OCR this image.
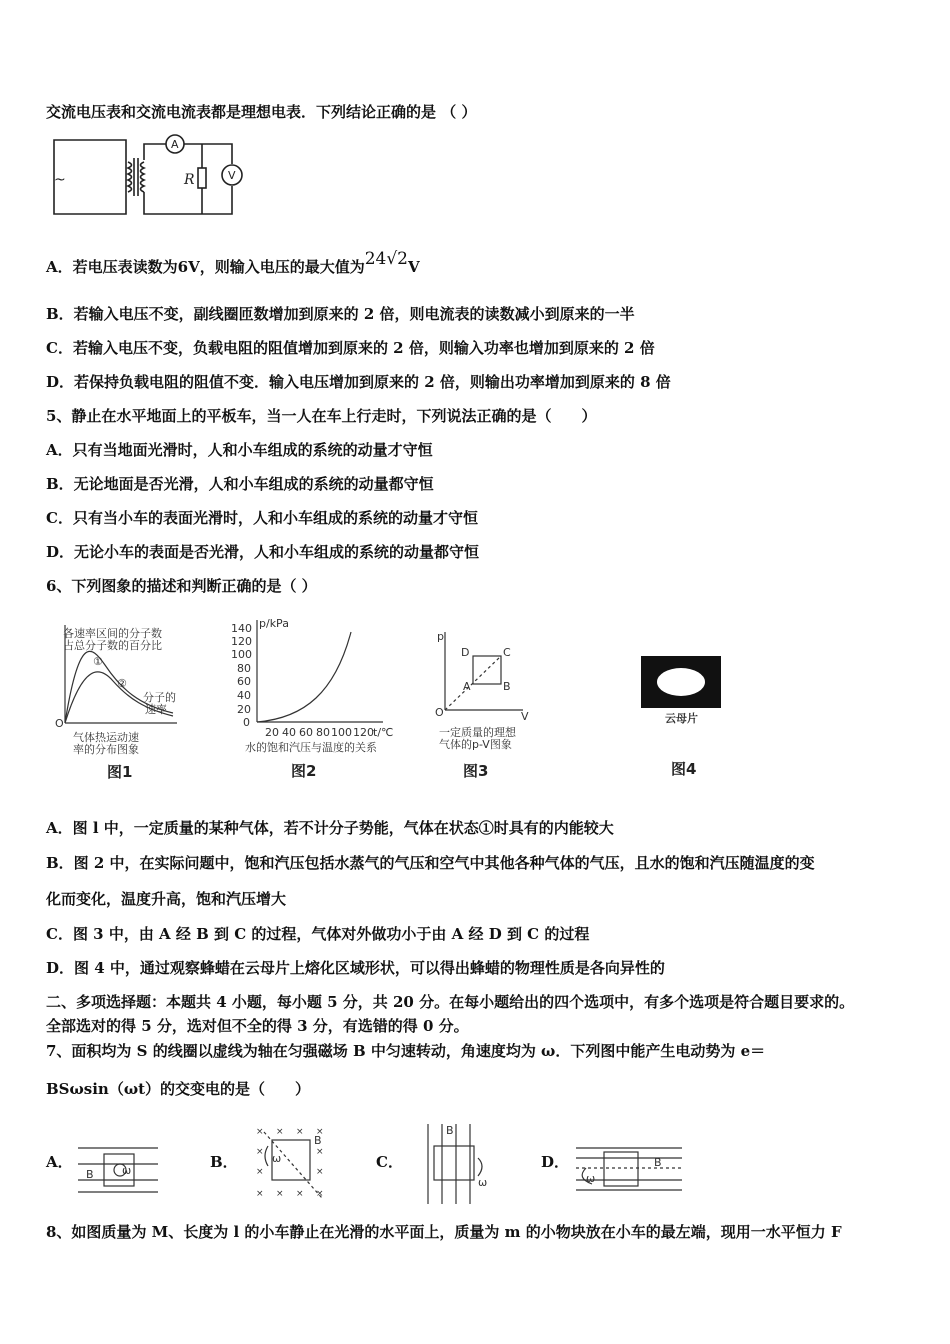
交流电压表和交流电流表都是理想电表．下列结论正确的是 （ ）
~
A
R	V
A．若电压表读数为6V，则输入电压的最大值为24√2V
B．若输入电压不变，副线圈匝数增加到原来的 2 倍，则电流表的读数减小到原来的一半
C．若输入电压不变，负载电阻的阻值增加到原来的 2 倍，则输入功率也增加到原来的 2 倍
D．若保持负载电阻的阻值不变．输入电压增加到原来的 2 倍，则输出功率增加到原来的 8 倍
5、静止在水平地面上的平板车，当一人在车上行走时，下列说法正确的是（　　）
A．只有当地面光滑时，人和小车组成的系统的动量才守恒
B．无论地面是否光滑，人和小车组成的系统的动量都守恒
C．只有当小车的表面光滑时，人和小车组成的系统的动量才守恒
D．无论小车的表面是否光滑，人和小车组成的系统的动量都守恒
6、下列图象的描述和判断正确的是（ ）
各速率区间的分子数
占总分子数的百分比
①
②
分子的
速率
O
气体热运动速
率的分布图象
图1
p/kPa
140
120
100
80
60
40
20
0
20 40 60 80 100 120 t/℃
水的饱和汽压与温度的关系
图2
p
V
O
A	B
C
D
一定质量的理想
气体的p-V图象
图3
云母片
图4
A．图 l 中，一定质量的某种气体，若不计分子势能，气体在状态①时具有的内能较大
B．图 2 中，在实际问题中，饱和汽压包括水蒸气的气压和空气中其他各种气体的气压，且水的饱和汽压随温度的变
化而变化，温度升高，饱和汽压增大
C．图 3 中，由 A 经 B 到 C 的过程，气体对外做功小于由 A 经 D 到 C 的过程
D．图 4 中，通过观察蜂蜡在云母片上熔化区域形状，可以得出蜂蜡的物理性质是各向异性的
二、多项选择题：本题共 4 小题，每小题 5 分，共 20 分。在每小题给出的四个选项中，有多个选项是符合题目要求的。
全部选对的得 5 分，选对但不全的得 3 分，有选错的得 0 分。
7、面积均为 S 的线圈以虚线为轴在匀强磁场 B 中匀速转动，角速度均为 ω．下列图中能产生电动势为 e＝
BSωsin（ωt）的交变电的是（　　）
A．
B	ω	B．
× × × ×
×	×
×	×
× × × ×
B
ω	C．
B
ω
D．	B
ω
8、如图质量为 M、长度为 l 的小车静止在光滑的水平面上，质量为 m 的小物块放在小车的最左端，现用一水平恒力 F
